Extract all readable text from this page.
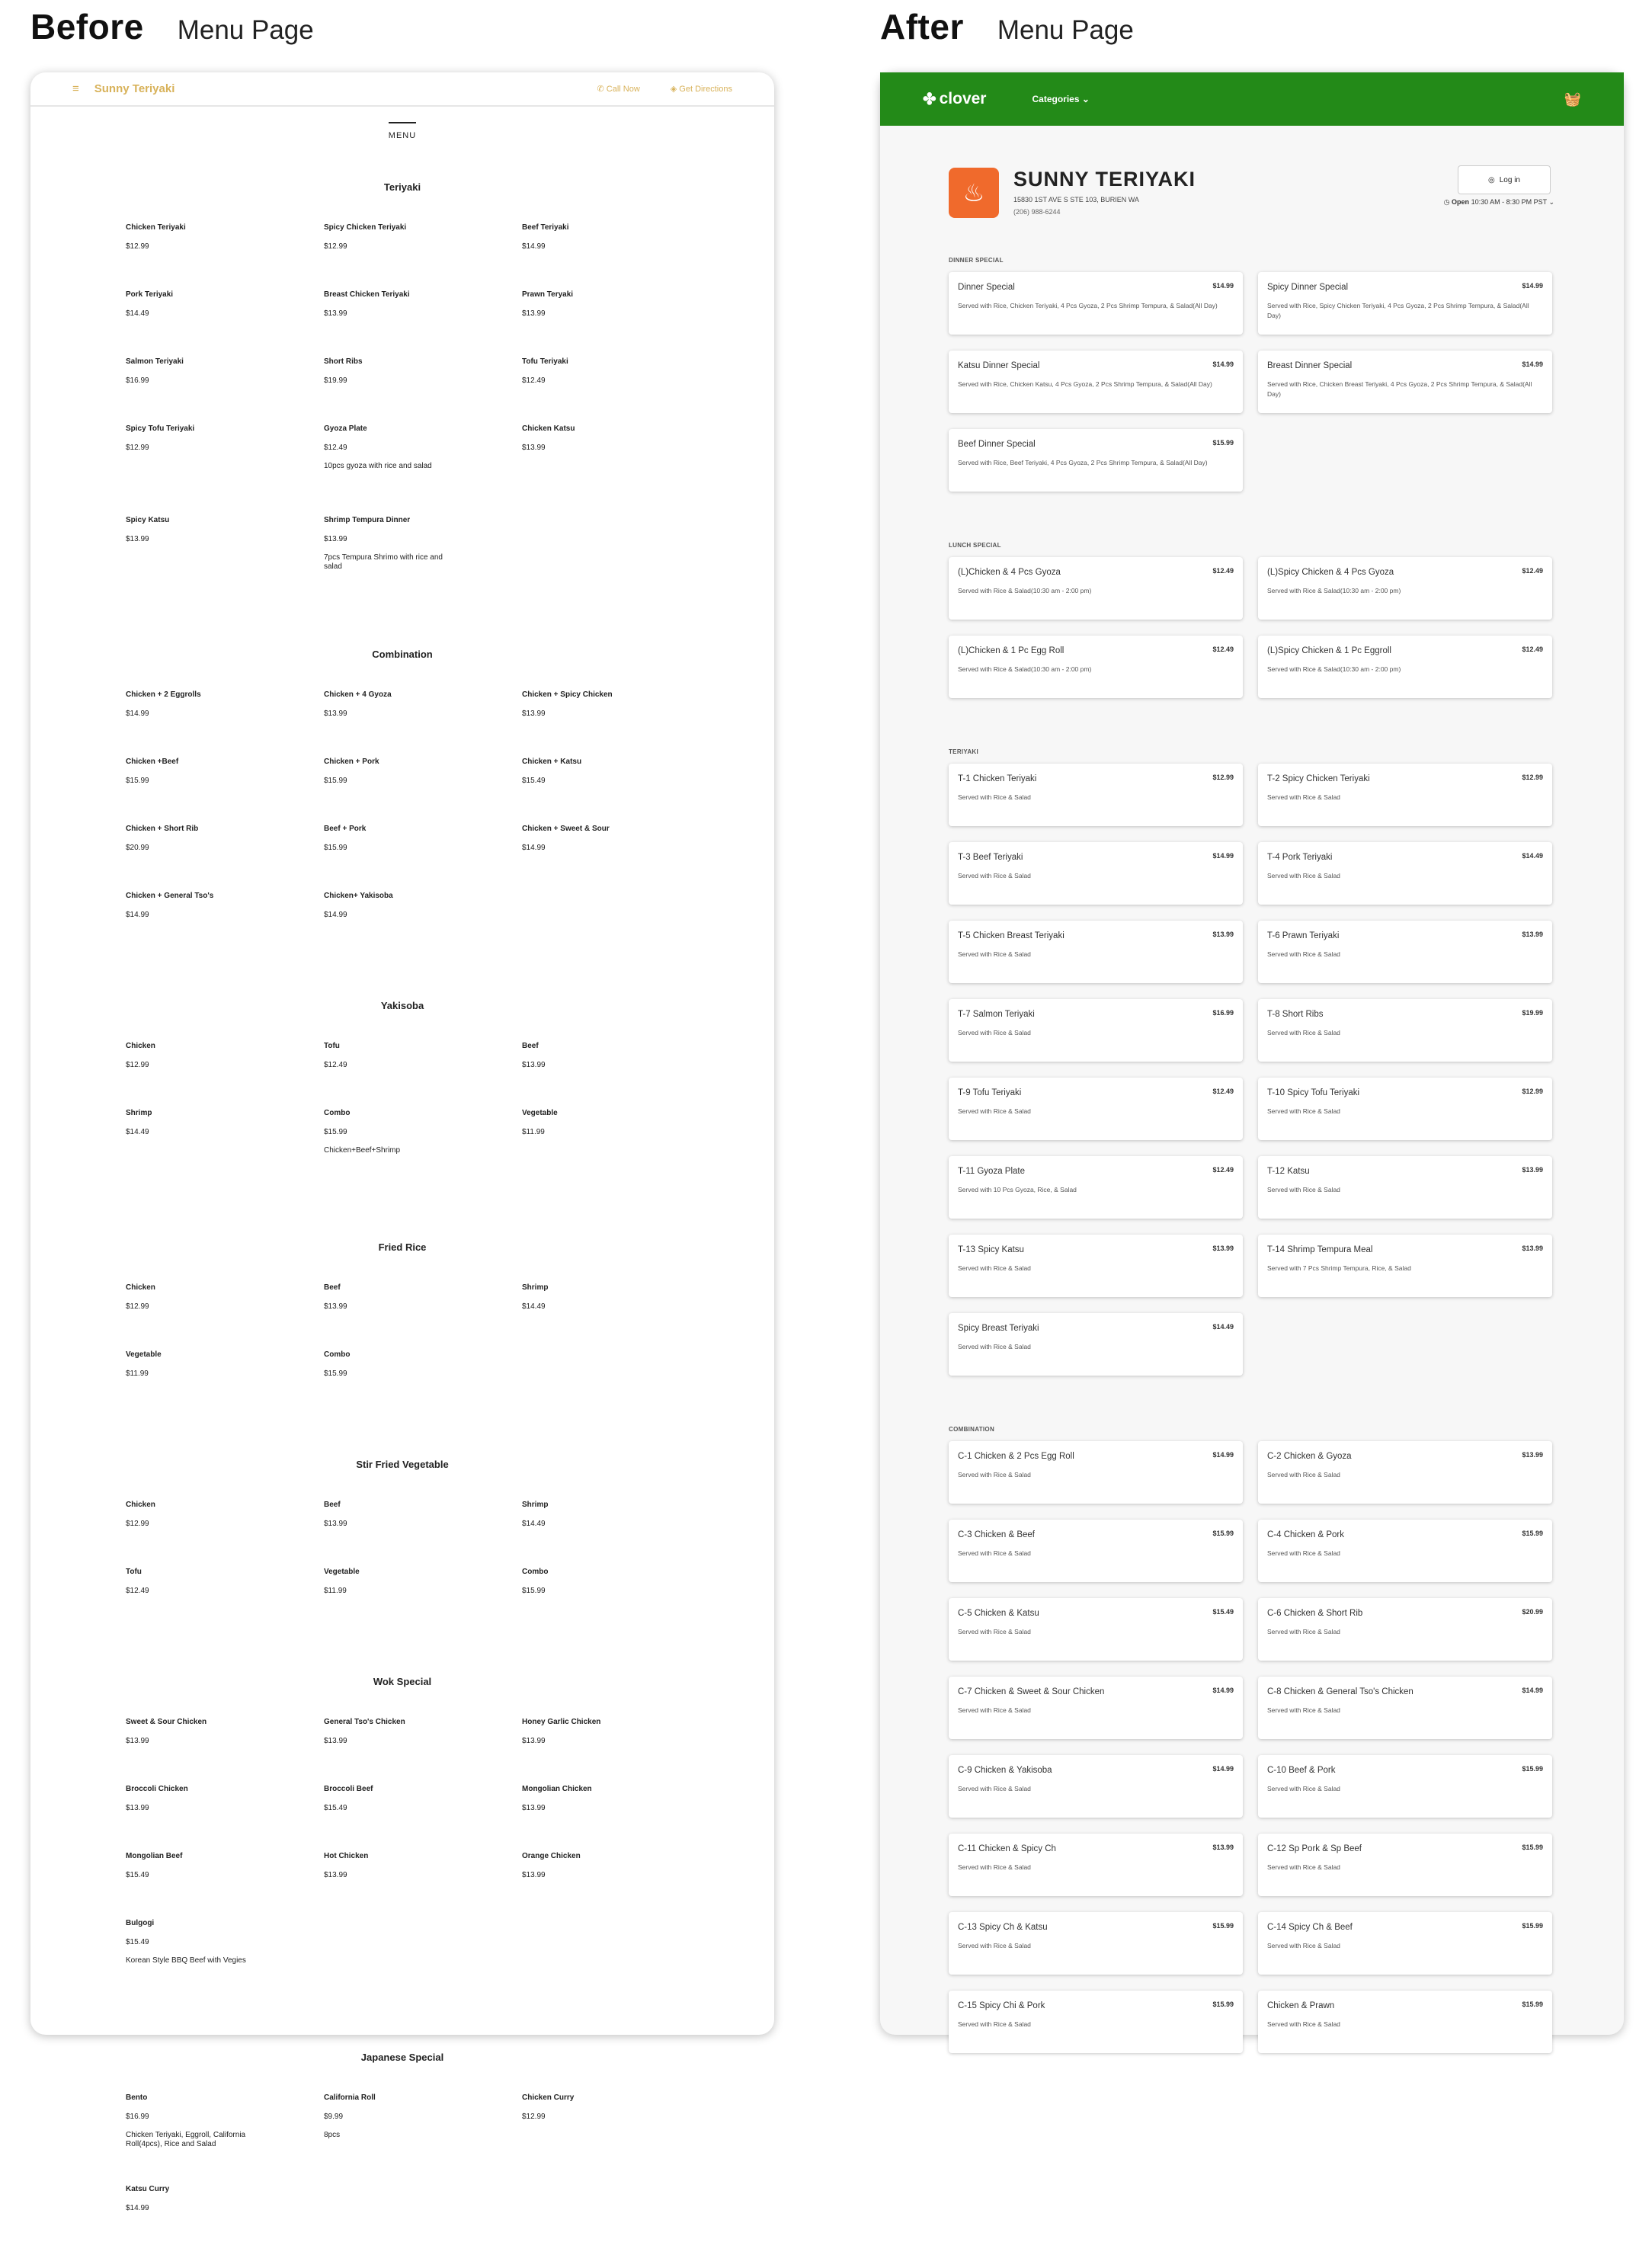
Before Menu Page	After Menu Page
≡ Sunny Teriyaki	✆ Call Now	◈ Get Directions
MENU
Teriyaki
Chicken Teriyaki
$12.99
Spicy Chicken Teriyaki
$12.99
Beef Teriyaki
$14.99
Pork Teriyaki
$14.49
Breast Chicken Teriyaki
$13.99
Prawn Teryaki
$13.99
Salmon Teriyaki
$16.99
Short Ribs
$19.99
Tofu Teriyaki
$12.49
Spicy Tofu Teriyaki
$12.99
Gyoza Plate
$12.49
10pcs gyoza with rice and salad
Chicken Katsu
$13.99
Spicy Katsu
$13.99
Shrimp Tempura Dinner
$13.99
7pcs Tempura Shrimo with rice and salad
Combination
Chicken + 2 Eggrolls
$14.99
Chicken + 4 Gyoza
$13.99
Chicken + Spicy Chicken
$13.99
Chicken +Beef
$15.99
Chicken + Pork
$15.99
Chicken + Katsu
$15.49
Chicken + Short Rib
$20.99
Beef + Pork
$15.99
Chicken + Sweet & Sour
$14.99
Chicken + General Tso's
$14.99
Chicken+ Yakisoba
$14.99
Yakisoba
Chicken
$12.99
Tofu
$12.49
Beef
$13.99
Shrimp
$14.49
Combo
$15.99
Chicken+Beef+Shrimp
Vegetable
$11.99
Fried Rice
Chicken
$12.99
Beef
$13.99
Shrimp
$14.49
Vegetable
$11.99
Combo
$15.99
Stir Fried Vegetable
Chicken
$12.99
Beef
$13.99
Shrimp
$14.49
Tofu
$12.49
Vegetable
$11.99
Combo
$15.99
Wok Special
Sweet & Sour Chicken
$13.99
General Tso's Chicken
$13.99
Honey Garlic Chicken
$13.99
Broccoli Chicken
$13.99
Broccoli Beef
$15.49
Mongolian Chicken
$13.99
Mongolian Beef
$15.49
Hot Chicken
$13.99
Orange Chicken
$13.99
Bulgogi
$15.49
Korean Style BBQ Beef with Vegies
Japanese Special
Bento
$16.99
Chicken Teriyaki, Eggroll, California Roll(4pcs), Rice and Salad
California Roll
$9.99
8pcs
Chicken Curry
$12.99
Katsu Curry
$14.99
✤ clover	Categories ⌄	🧺
♨	SUNNY TERIYAKI
15830 1ST AVE S STE 103, BURIEN WA
(206) 988-6244
◎ Log in
◷ Open 10:30 AM - 8:30 PM PST ⌄
DINNER SPECIAL
Dinner Special	$14.99
Served with Rice, Chicken Teriyaki, 4 Pcs Gyoza, 2 Pcs Shrimp Tempura, & Salad(All Day)
Spicy Dinner Special	$14.99
Served with Rice, Spicy Chicken Teriyaki, 4 Pcs Gyoza, 2 Pcs Shrimp Tempura, & Salad(All Day)
Katsu Dinner Special	$14.99
Served with Rice, Chicken Katsu, 4 Pcs Gyoza, 2 Pcs Shrimp Tempura, & Salad(All Day)
Breast Dinner Special	$14.99
Served with Rice, Chicken Breast Teriyaki, 4 Pcs Gyoza, 2 Pcs Shrimp Tempura, & Salad(All Day)
Beef Dinner Special	$15.99
Served with Rice, Beef Teriyaki, 4 Pcs Gyoza, 2 Pcs Shrimp Tempura, & Salad(All Day)
LUNCH SPECIAL
(L)Chicken & 4 Pcs Gyoza	$12.49
Served with Rice & Salad(10:30 am - 2:00 pm)
(L)Spicy Chicken & 4 Pcs Gyoza	$12.49
Served with Rice & Salad(10:30 am - 2:00 pm)
(L)Chicken & 1 Pc Egg Roll	$12.49
Served with Rice & Salad(10:30 am - 2:00 pm)
(L)Spicy Chicken & 1 Pc Eggroll	$12.49
Served with Rice & Salad(10:30 am - 2:00 pm)
TERIYAKI
T-1 Chicken Teriyaki	$12.99
Served with Rice & Salad
T-2 Spicy Chicken Teriyaki	$12.99
Served with Rice & Salad
T-3 Beef Teriyaki	$14.99
Served with Rice & Salad
T-4 Pork Teriyaki	$14.49
Served with Rice & Salad
T-5 Chicken Breast Teriyaki	$13.99
Served with Rice & Salad
T-6 Prawn Teriyaki	$13.99
Served with Rice & Salad
T-7 Salmon Teriyaki	$16.99
Served with Rice & Salad
T-8 Short Ribs	$19.99
Served with Rice & Salad
T-9 Tofu Teriyaki	$12.49
Served with Rice & Salad
T-10 Spicy Tofu Teriyaki	$12.99
Served with Rice & Salad
T-11 Gyoza Plate	$12.49
Served with 10 Pcs Gyoza, Rice, & Salad
T-12 Katsu	$13.99
Served with Rice & Salad
T-13 Spicy Katsu	$13.99
Served with Rice & Salad
T-14 Shrimp Tempura Meal	$13.99
Served with 7 Pcs Shrimp Tempura, Rice, & Salad
Spicy Breast Teriyaki	$14.49
Served with Rice & Salad
COMBINATION
C-1 Chicken & 2 Pcs Egg Roll	$14.99
Served with Rice & Salad
C-2 Chicken & Gyoza	$13.99
Served with Rice & Salad
C-3 Chicken & Beef	$15.99
Served with Rice & Salad
C-4 Chicken & Pork	$15.99
Served with Rice & Salad
C-5 Chicken & Katsu	$15.49
Served with Rice & Salad
C-6 Chicken & Short Rib	$20.99
Served with Rice & Salad
C-7 Chicken & Sweet & Sour Chicken	$14.99
Served with Rice & Salad
C-8 Chicken & General Tso's Chicken	$14.99
Served with Rice & Salad
C-9 Chicken & Yakisoba	$14.99
Served with Rice & Salad
C-10 Beef & Pork	$15.99
Served with Rice & Salad
C-11 Chicken & Spicy Ch	$13.99
Served with Rice & Salad
C-12 Sp Pork & Sp Beef	$15.99
Served with Rice & Salad
C-13 Spicy Ch & Katsu	$15.99
Served with Rice & Salad
C-14 Spicy Ch & Beef	$15.99
Served with Rice & Salad
C-15 Spicy Chi & Pork	$15.99
Served with Rice & Salad
Chicken & Prawn	$15.99
Served with Rice & Salad
